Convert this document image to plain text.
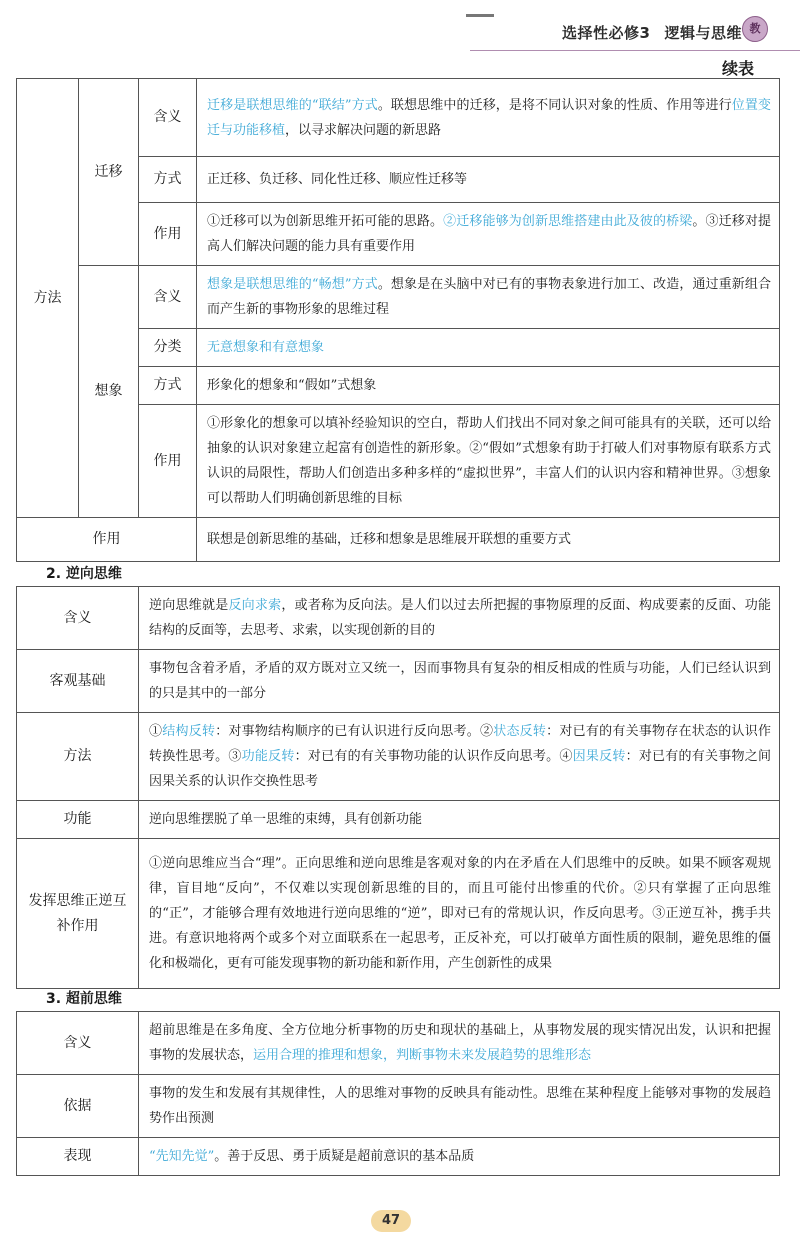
选择性必修3 逻辑与思维 教
续表
方法	迁移	含义	迁移是联想思维的“联结”方式。联想思维中的迁移，是将不同认识对象的性质、作用等进行位置变迁与功能移植，以寻求解决问题的新思路
		方式	正迁移、负迁移、同化性迁移、顺应性迁移等
		作用	①迁移可以为创新思维开拓可能的思路。②迁移能够为创新思维搭建由此及彼的桥梁。③迁移对提高人们解决问题的能力具有重要作用
	想象	含义	想象是联想思维的“畅想”方式。想象是在头脑中对已有的事物表象进行加工、改造，通过重新组合而产生新的事物形象的思维过程
		分类	无意想象和有意想象
		方式	形象化的想象和“假如”式想象
		作用	①形象化的想象可以填补经验知识的空白，帮助人们找出不同对象之间可能具有的关联，还可以给抽象的认识对象建立起富有创造性的新形象。②“假如”式想象有助于打破人们对事物原有联系方式认识的局限性，帮助人们创造出多种多样的“虚拟世界”，丰富人们的认识内容和精神世界。③想象可以帮助人们明确创新思维的目标
作用			联想是创新思维的基础，迁移和想象是思维展开联想的重要方式
2. 逆向思维
含义	逆向思维就是反向求索，或者称为反向法。是人们以过去所把握的事物原理的反面、构成要素的反面、功能结构的反面等，去思考、求索，以实现创新的目的
客观基础	事物包含着矛盾，矛盾的双方既对立又统一，因而事物具有复杂的相反相成的性质与功能，人们已经认识到的只是其中的一部分
方法	①结构反转：对事物结构顺序的已有认识进行反向思考。②状态反转：对已有的有关事物存在状态的认识作转换性思考。③功能反转：对已有的有关事物功能的认识作反向思考。④因果反转：对已有的有关事物之间因果关系的认识作交换性思考
功能	逆向思维摆脱了单一思维的束缚，具有创新功能
发挥思维正逆互补作用	①逆向思维应当合“理”。正向思维和逆向思维是客观对象的内在矛盾在人们思维中的反映。如果不顾客观规律，盲目地“反向”，不仅难以实现创新思维的目的，而且可能付出惨重的代价。②只有掌握了正向思维的“正”，才能够合理有效地进行逆向思维的“逆”，即对已有的常规认识，作反向思考。③正逆互补，携手共进。有意识地将两个或多个对立面联系在一起思考，正反补充，可以打破单方面性质的限制，避免思维的僵化和极端化，更有可能发现事物的新功能和新作用，产生创新性的成果
3. 超前思维
含义	超前思维是在多角度、全方位地分析事物的历史和现状的基础上，从事物发展的现实情况出发，认识和把握事物的发展状态，运用合理的推理和想象，判断事物未来发展趋势的思维形态
依据	事物的发生和发展有其规律性，人的思维对事物的反映具有能动性。思维在某种程度上能够对事物的发展趋势作出预测
表现	“先知先觉”。善于反思、勇于质疑是超前意识的基本品质
47
